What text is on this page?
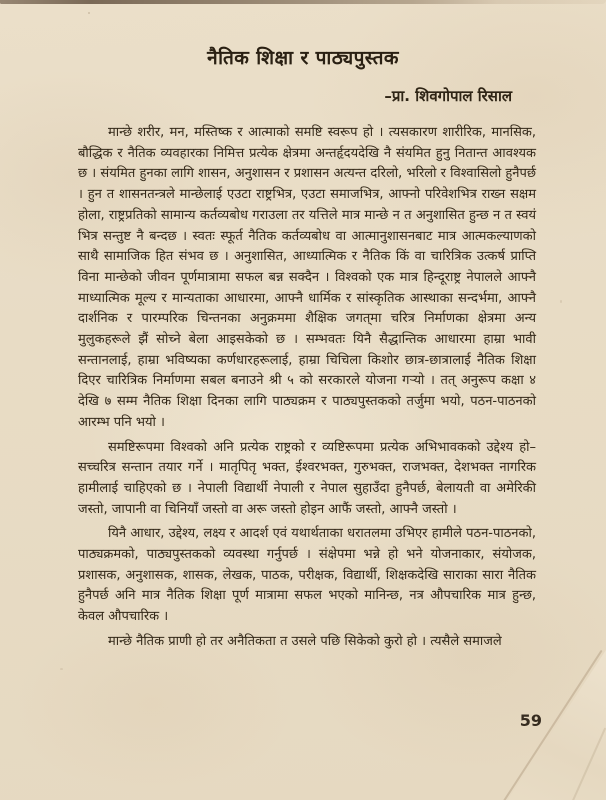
नैतिक शिक्षा र पाठ्यपुस्तक
–प्रा. शिवगोपाल रिसाल

मान्छे शरीर, मन, मस्तिष्क र आत्माको समष्टि स्वरूप हो । त्यसकारण शारीरिक, मानसिक, बौद्धिक र नैतिक व्यवहारका निमित्त प्रत्येक क्षेत्रमा अन्तर्हृदयदेखि नै संयमित हुनु नितान्त आवश्यक छ । संयमित हुनका लागि शासन, अनुशासन र प्रशासन अत्यन्त दरिलो, भरिलो र विश्वासिलो हुनैपर्छ । हुन त शासनतन्त्रले मान्छेलाई एउटा राष्ट्रभित्र, एउटा समाजभित्र, आफ्नो परिवेशभित्र राख्न सक्षम होला, राष्ट्रप्रतिको सामान्य कर्तव्यबोध गराउला तर यत्तिले मात्र मान्छे न त अनुशासित हुन्छ न त स्वयं भित्र सन्तुष्ट नै बन्दछ । स्वतः स्फूर्त नैतिक कर्तव्यबोध वा आत्मानुशासनबाट मात्र आत्मकल्याणको साथै सामाजिक हित संभव छ । अनुशासित, आध्यात्मिक र नैतिक किं वा चारित्रिक उत्कर्ष प्राप्ति विना मान्छेको जीवन पूर्णमात्रामा सफल बन्न सक्दैन । विश्वको एक मात्र हिन्दूराष्ट्र नेपालले आफ्नै माध्यात्मिक मूल्य र मान्यताका आधारमा, आफ्नै धार्मिक र सांस्कृतिक आस्थाका सन्दर्भमा, आफ्नै दार्शनिक र पारम्परिक चिन्तनका अनुक्रममा शैक्षिक जगत्‌मा चरित्र निर्माणका क्षेत्रमा अन्य मुलुकहरूले झैं सोच्ने बेला आइसकेको छ । सम्भवतः यिनै सैद्धान्तिक आधारमा हाम्रा भावी सन्तानलाई, हाम्रा भविष्यका कर्णधारहरूलाई, हाम्रा चिचिला किशोर छात्र-छात्रालाई नैतिक शिक्षा दिएर चारित्रिक निर्माणमा सबल बनाउने श्री ५ को सरकारले योजना गर्‍यो । तत् अनुरूप कक्षा ४ देखि ७ सम्म नैतिक शिक्षा दिनका लागि पाठ्यक्रम र पाठ्यपुस्तकको तर्जुमा भयो, पठन-पाठनको आरम्भ पनि भयो ।

समष्टिरूपमा विश्वको अनि प्रत्येक राष्ट्रको र व्यष्टिरूपमा प्रत्येक अभिभावकको उद्देश्य हो– सच्चरित्र सन्तान तयार गर्ने । मातृपितृ भक्त, ईश्वरभक्त, गुरुभक्त, राजभक्त, देशभक्त नागरिक हामीलाई चाहिएको छ । नेपाली विद्यार्थी नेपाली र नेपाल सुहाउँदा हुनैपर्छ, बेलायती वा अमेरिकी जस्तो, जापानी वा चिनियाँ जस्तो वा अरू जस्तो होइन आफैं जस्तो, आफ्नै जस्तो ।

यिनै आधार, उद्देश्य, लक्ष्य र आदर्श एवं यथार्थताका धरातलमा उभिएर हामीले पठन-पाठनको, पाठ्यक्रमको, पाठ्यपुस्तकको व्यवस्था गर्नुपर्छ । संक्षेपमा भन्ने हो भने योजनाकार, संयोजक, प्रशासक, अनुशासक, शासक, लेखक, पाठक, परीक्षक, विद्यार्थी, शिक्षकदेखि साराका सारा नैतिक हुनैपर्छ अनि मात्र नैतिक शिक्षा पूर्ण मात्रामा सफल भएको मानिन्छ, नत्र औपचारिक मात्र हुन्छ, केवल औपचारिक ।

मान्छे नैतिक प्राणी हो तर अनैतिकता त उसले पछि सिकेको कुरो हो । त्यसैले समाजले

59
